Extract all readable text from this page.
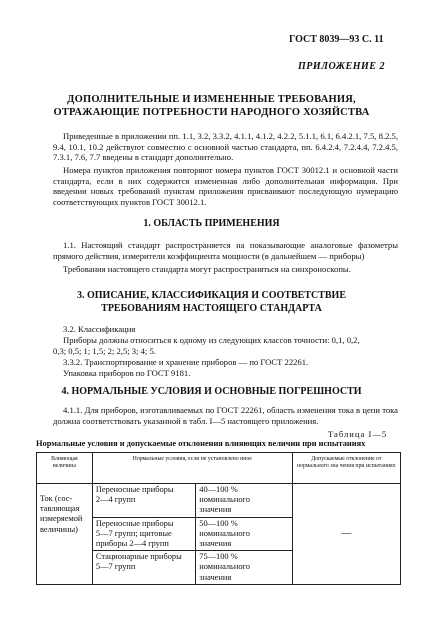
ГОСТ 8039—93 С. 11
ПРИЛОЖЕНИЕ 2
ДОПОЛНИТЕЛЬНЫЕ И ИЗМЕНЕННЫЕ ТРЕБОВАНИЯ,
ОТРАЖАЮЩИЕ ПОТРЕБНОСТИ НАРОДНОГО ХОЗЯЙСТВА
Приведенные в приложении пп. 1.1, 3.2, 3.3.2, 4.1.1, 4.1.2, 4.2.2, 5.1.1, 6.1, 6.4.2.1, 7.5, 8.2.5, 9.4, 10.1, 10.2 действуют совместно с основной частью стандарта, пп. 6.4.2.4, 7.2.4.4, 7.2.4.5, 7.3.1, 7.6, 7.7 введены в стандарт дополнительно.
Номера пунктов приложения повторяют номера пунктов ГОСТ 30012.1 и основной части стандарта, если в них содержится измененная либо дополнительная информация. При введении новых требований пунктам приложения присваивают последующую нумерацию соответствующих пунктов ГОСТ 30012.1.
1. ОБЛАСТЬ ПРИМЕНЕНИЯ
1.1. Настоящий стандарт распространяется на показывающие аналоговые фазометры прямого действия, измерители коэффициента мощности (в дальнейшем — приборы)
Требования настоящего стандарта могут распространяться на синхроноскопы.
3. ОПИСАНИЕ, КЛАССИФИКАЦИЯ И СООТВЕТСТВИЕ
ТРЕБОВАНИЯМ НАСТОЯЩЕГО СТАНДАРТА
3.2. Классификация
Приборы должны относиться к одному из следующих классов точности: 0,1, 0,2,
0,3; 0,5; 1; 1,5; 2; 2,5; 3; 4; 5.
3.3.2. Транспортирование и хранение приборов — по ГОСТ 22261.
Упаковка приборов по ГОСТ 9181.
4. НОРМАЛЬНЫЕ УСЛОВИЯ И ОСНОВНЫЕ ПОГРЕШНОСТИ
4.1.1. Для приборов, изготавливаемых по ГОСТ 22261, область изменения тока в цепи тока должна соответствовать указанной в табл. I—5 настоящего приложения.
Таблица I—5
Нормальные условия и допускаемые отклонения влияющих величин при испытаниях
Влияющая величина	Нормальные условия, если не установлено иное		Допускаемые отклонение от нормального зна чения при испытаниях

Ток (сос-
тавляющая
измеряемой
величины)	Переносные приборы
2—4 групп	40—100 % номинального
значения	—

	Переносные приборы
5—7 групп; щитовые
приборы 2—4 групп	50—100 % номинального
значения	

	Стационарные приборы
5—7 групп	75—100 % номинального
значения	
